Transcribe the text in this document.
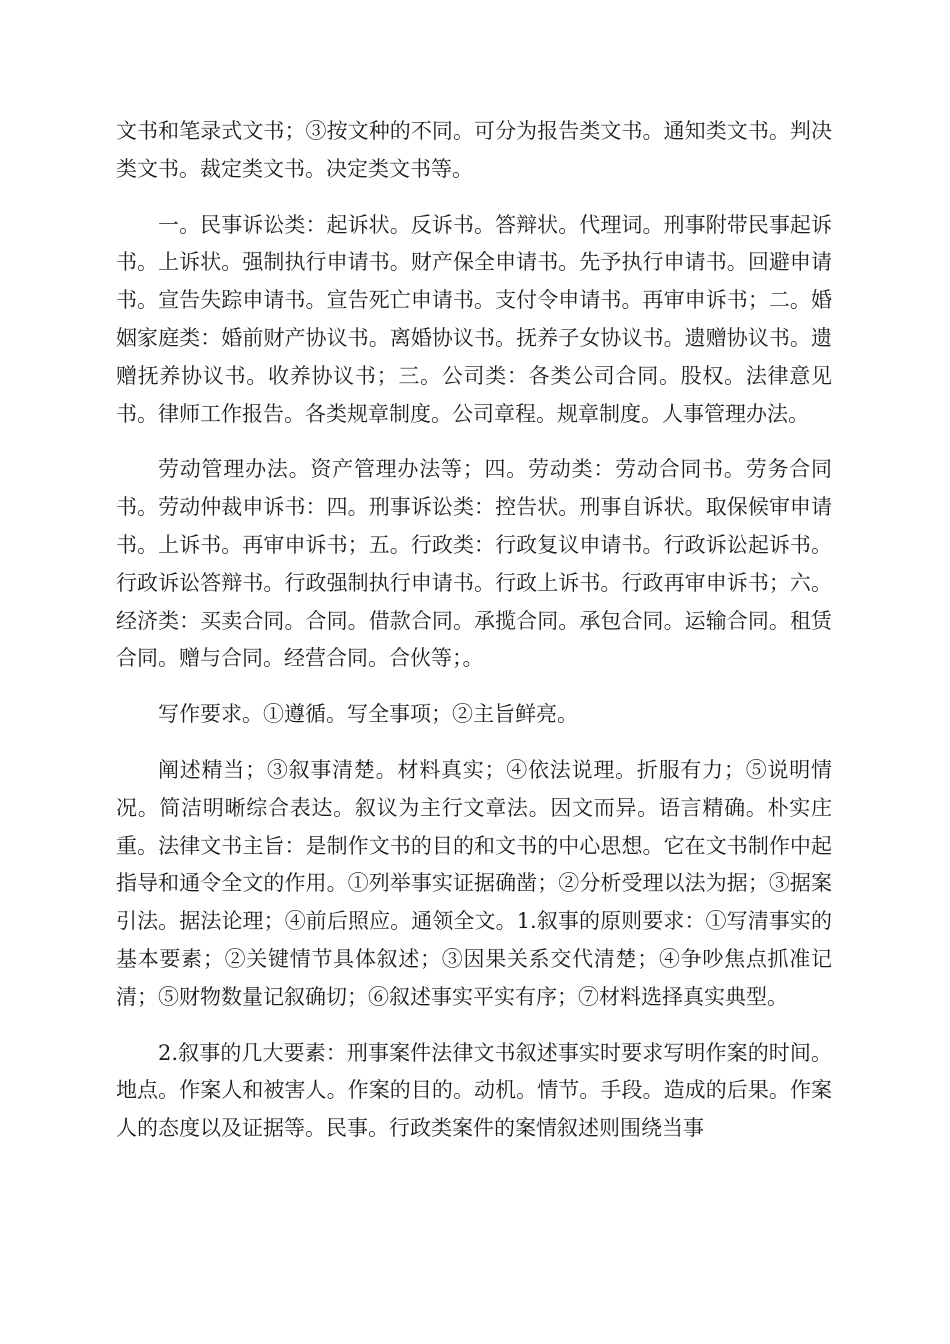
文书和笔录式文书；③按文种的不同。可分为报告类文书。通知类文书。判决类文书。裁定类文书。决定类文书等。

一。民事诉讼类：起诉状。反诉书。答辩状。代理词。刑事附带民事起诉书。上诉状。强制执行申请书。财产保全申请书。先予执行申请书。回避申请书。宣告失踪申请书。宣告死亡申请书。支付令申请书。再审申诉书；二。婚姻家庭类：婚前财产协议书。离婚协议书。抚养子女协议书。遗赠协议书。遗赠抚养协议书。收养协议书；三。公司类：各类公司合同。股权。法律意见书。律师工作报告。各类规章制度。公司章程。规章制度。人事管理办法。

劳动管理办法。资产管理办法等；四。劳动类：劳动合同书。劳务合同书。劳动仲裁申诉书：四。刑事诉讼类：控告状。刑事自诉状。取保候审申请书。上诉书。再审申诉书；五。行政类：行政复议申请书。行政诉讼起诉书。行政诉讼答辩书。行政强制执行申请书。行政上诉书。行政再审申诉书；六。经济类：买卖合同。合同。借款合同。承揽合同。承包合同。运输合同。租赁合同。赠与合同。经营合同。合伙等；。

写作要求。①遵循。写全事项；②主旨鲜亮。

阐述精当；③叙事清楚。材料真实；④依法说理。折服有力；⑤说明情况。简洁明晰综合表达。叙议为主行文章法。因文而异。语言精确。朴实庄重。法律文书主旨：是制作文书的目的和文书的中心思想。它在文书制作中起指导和通令全文的作用。①列举事实证据确凿；②分析受理以法为据；③据案引法。据法论理；④前后照应。通领全文。1.叙事的原则要求：①写清事实的基本要素；②关键情节具体叙述；③因果关系交代清楚；④争吵焦点抓准记清；⑤财物数量记叙确切；⑥叙述事实平实有序；⑦材料选择真实典型。

2.叙事的几大要素：刑事案件法律文书叙述事实时要求写明作案的时间。地点。作案人和被害人。作案的目的。动机。情节。手段。造成的后果。作案人的态度以及证据等。民事。行政类案件的案情叙述则围绕当事
